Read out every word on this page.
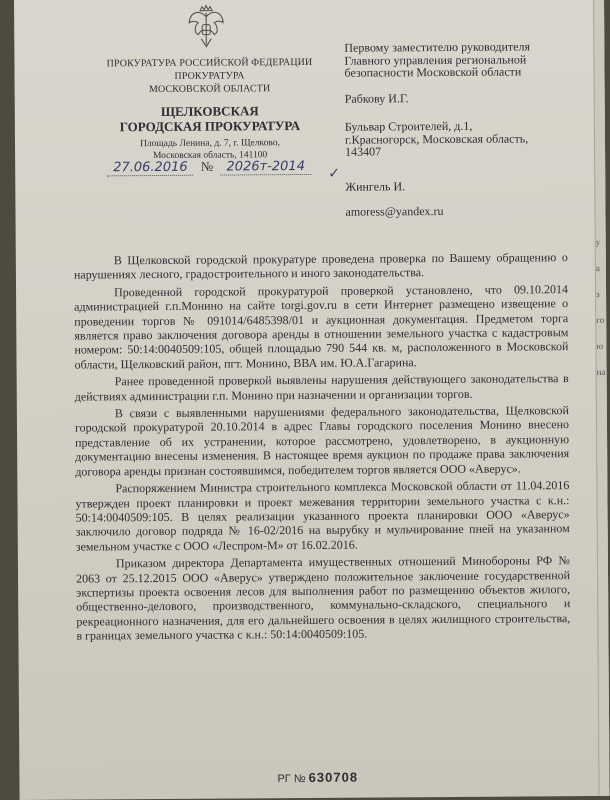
у
а
з
го
ю
на
ПРОКУРАТУРА РОССИЙСКОЙ ФЕДЕРАЦИИ
ПРОКУРАТУРА
МОСКОВСКОЙ ОБЛАСТИ
ЩЕЛКОВСКАЯ
ГОРОДСКАЯ ПРОКУРАТУРА
Площадь Ленина, д. 7, г. Щелково,
Московская область, 141100
27.06.2016 № 2026т-2014	✓

Первому заместителю руководителя
Главного управления региональной
безопасности Московской области

Рабкову И.Г.

Бульвар Строителей, д.1,
г.Красногорск, Московская область,
143407

Жингель И.

amoress@yandex.ru

В Щелковской городской прокуратуре проведена проверка по Вашему обращению о нарушениях лесного, градостроительного и иного законодательства.

Проведенной городской прокуратурой проверкой установлено, что 09.10.2014 администрацией г.п.Монино на сайте torgi.gov.ru в сети Интернет размещено извещение о проведении торгов № 091014/6485398/01 и аукционная документация. Предметом торга является право заключения договора аренды в отношении земельного участка с кадастровым номером: 50:14:0040509:105, общей площадью 790 544 кв. м, расположенного в Московской области, Щелковский район, пгт. Монино, ВВА им. Ю.А.Гагарина.

Ранее проведенной проверкой выявлены нарушения действующего законодательства в действиях администрации г.п. Монино при назначении и организации торгов.

В связи с выявленными нарушениями федерального законодательства, Щелковской городской прокуратурой 20.10.2014 в адрес Главы городского поселения Монино внесено представление об их устранении, которое рассмотрено, удовлетворено, в аукционную документацию внесены изменения. В настоящее время аукцион по продаже права заключения договора аренды признан состоявшимся, победителем торгов является ООО «Аверус».

Распоряжением Министра строительного комплекса Московской области от 11.04.2016 утвержден проект планировки и проект межевания территории земельного участка с к.н.: 50:14:0040509:105. В целях реализации указанного проекта планировки ООО «Аверус» заключило договор подряда № 16-02/2016 на вырубку и мульчирование пней на указанном земельном участке с ООО «Леспром-М» от 16.02.2016.

Приказом директора Департамента имущественных отношений Минобороны РФ № 2063 от 25.12.2015 ООО «Аверус» утверждено положительное заключение государственной экспертизы проекта освоения лесов для выполнения работ по размещению объектов жилого, общественно-делового, производственного, коммунально-складского, специального и рекреационного назначения, для его дальнейшего освоения в целях жилищного строительства, в границах земельного участка с к.н.: 50:14:0040509:105.

РГ № 630708
